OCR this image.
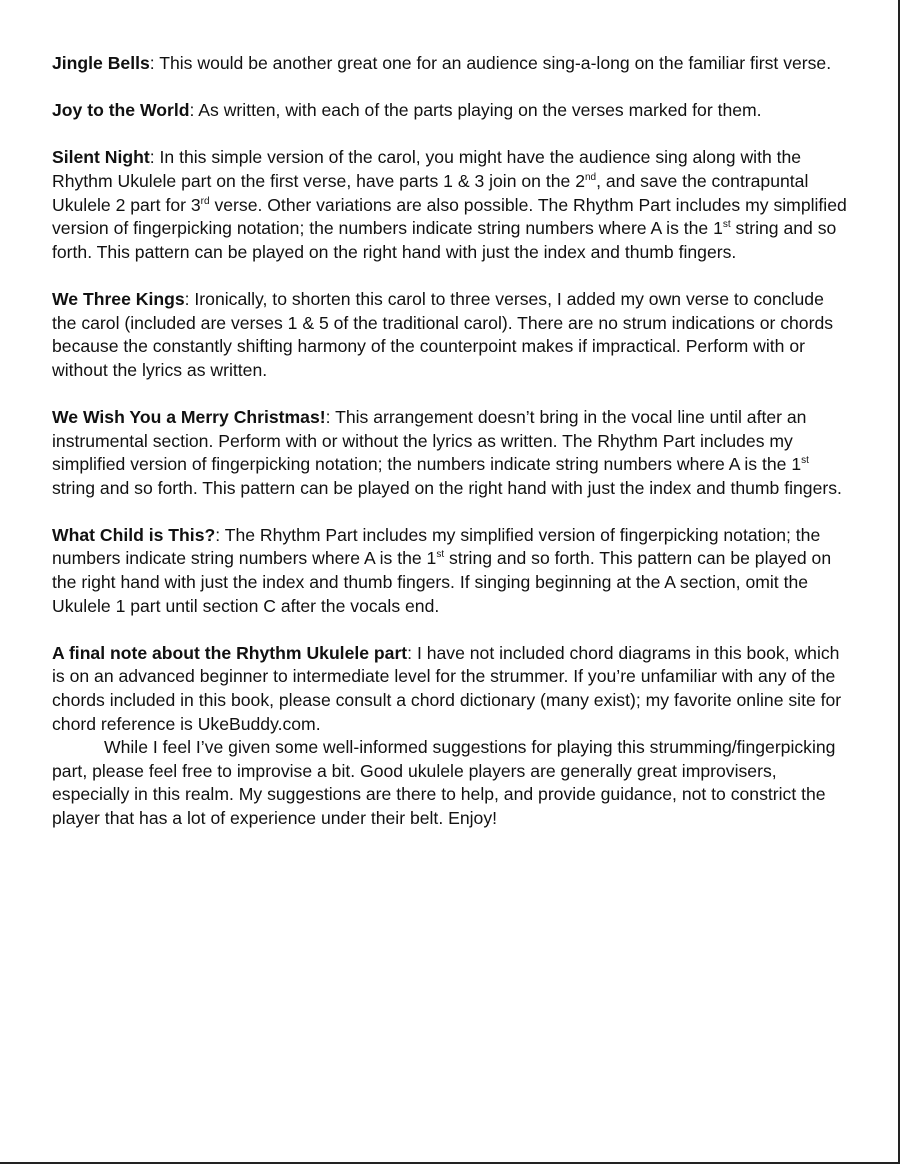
Jingle Bells: This would be another great one for an audience sing-a-long on the familiar first verse.

Joy to the World: As written, with each of the parts playing on the verses marked for them.

Silent Night: In this simple version of the carol, you might have the audience sing along with the Rhythm Ukulele part on the first verse, have parts 1 & 3 join on the 2nd, and save the contrapuntal Ukulele 2 part for 3rd verse. Other variations are also possible. The Rhythm Part includes my simplified version of fingerpicking notation; the numbers indicate string numbers where A is the 1st string and so forth. This pattern can be played on the right hand with just the index and thumb fingers.

We Three Kings: Ironically, to shorten this carol to three verses, I added my own verse to conclude the carol (included are verses 1 & 5 of the traditional carol). There are no strum indications or chords because the constantly shifting harmony of the counterpoint makes if impractical. Perform with or without the lyrics as written.

We Wish You a Merry Christmas!: This arrangement doesn’t bring in the vocal line until after an instrumental section. Perform with or without the lyrics as written. The Rhythm Part includes my simplified version of fingerpicking notation; the numbers indicate string numbers where A is the 1st string and so forth. This pattern can be played on the right hand with just the index and thumb fingers.

What Child is This?: The Rhythm Part includes my simplified version of fingerpicking notation; the numbers indicate string numbers where A is the 1st string and so forth. This pattern can be played on the right hand with just the index and thumb fingers. If singing beginning at the A section, omit the Ukulele 1 part until section C after the vocals end.

A final note about the Rhythm Ukulele part: I have not included chord diagrams in this book, which is on an advanced beginner to intermediate level for the strummer. If you’re unfamiliar with any of the chords included in this book, please consult a chord dictionary (many exist); my favorite online site for chord reference is UkeBuddy.com.
While I feel I’ve given some well-informed suggestions for playing this strumming/fingerpicking part, please feel free to improvise a bit. Good ukulele players are generally great improvisers, especially in this realm. My suggestions are there to help, and provide guidance, not to constrict the player that has a lot of experience under their belt. Enjoy!
